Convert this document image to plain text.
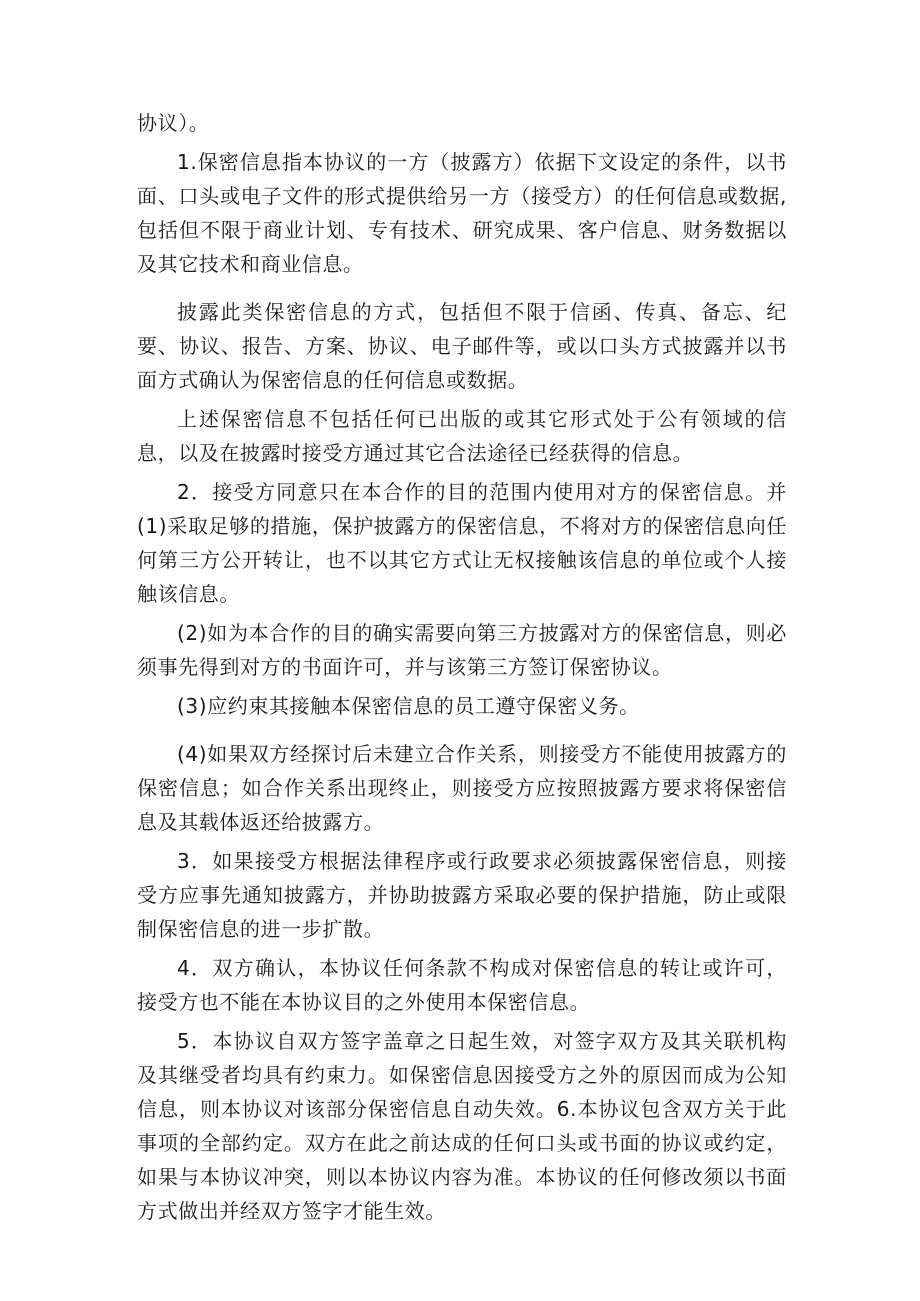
协议）。

1.保密信息指本协议的一方（披露方）依据下文设定的条件，以书面、口头或电子文件的形式提供给另一方（接受方）的任何信息或数据,包括但不限于商业计划、专有技术、研究成果、客户信息、财务数据以及其它技术和商业信息。

披露此类保密信息的方式，包括但不限于信函、传真、备忘、纪要、协议、报告、方案、协议、电子邮件等，或以口头方式披露并以书面方式确认为保密信息的任何信息或数据。

上述保密信息不包括任何已出版的或其它形式处于公有领域的信息，以及在披露时接受方通过其它合法途径已经获得的信息。

2．接受方同意只在本合作的目的范围内使用对方的保密信息。并(1)采取足够的措施，保护披露方的保密信息，不将对方的保密信息向任何第三方公开转让，也不以其它方式让无权接触该信息的单位或个人接触该信息。

(2)如为本合作的目的确实需要向第三方披露对方的保密信息，则必须事先得到对方的书面许可，并与该第三方签订保密协议。

(3)应约束其接触本保密信息的员工遵守保密义务。

(4)如果双方经探讨后未建立合作关系，则接受方不能使用披露方的保密信息；如合作关系出现终止，则接受方应按照披露方要求将保密信息及其载体返还给披露方。

3．如果接受方根据法律程序或行政要求必须披露保密信息，则接受方应事先通知披露方，并协助披露方采取必要的保护措施，防止或限制保密信息的进一步扩散。

4．双方确认，本协议任何条款不构成对保密信息的转让或许可，接受方也不能在本协议目的之外使用本保密信息。

5．本协议自双方签字盖章之日起生效，对签字双方及其关联机构及其继受者均具有约束力。如保密信息因接受方之外的原因而成为公知信息，则本协议对该部分保密信息自动失效。6.本协议包含双方关于此事项的全部约定。双方在此之前达成的任何口头或书面的协议或约定，如果与本协议冲突，则以本协议内容为准。本协议的任何修改须以书面方式做出并经双方签字才能生效。
